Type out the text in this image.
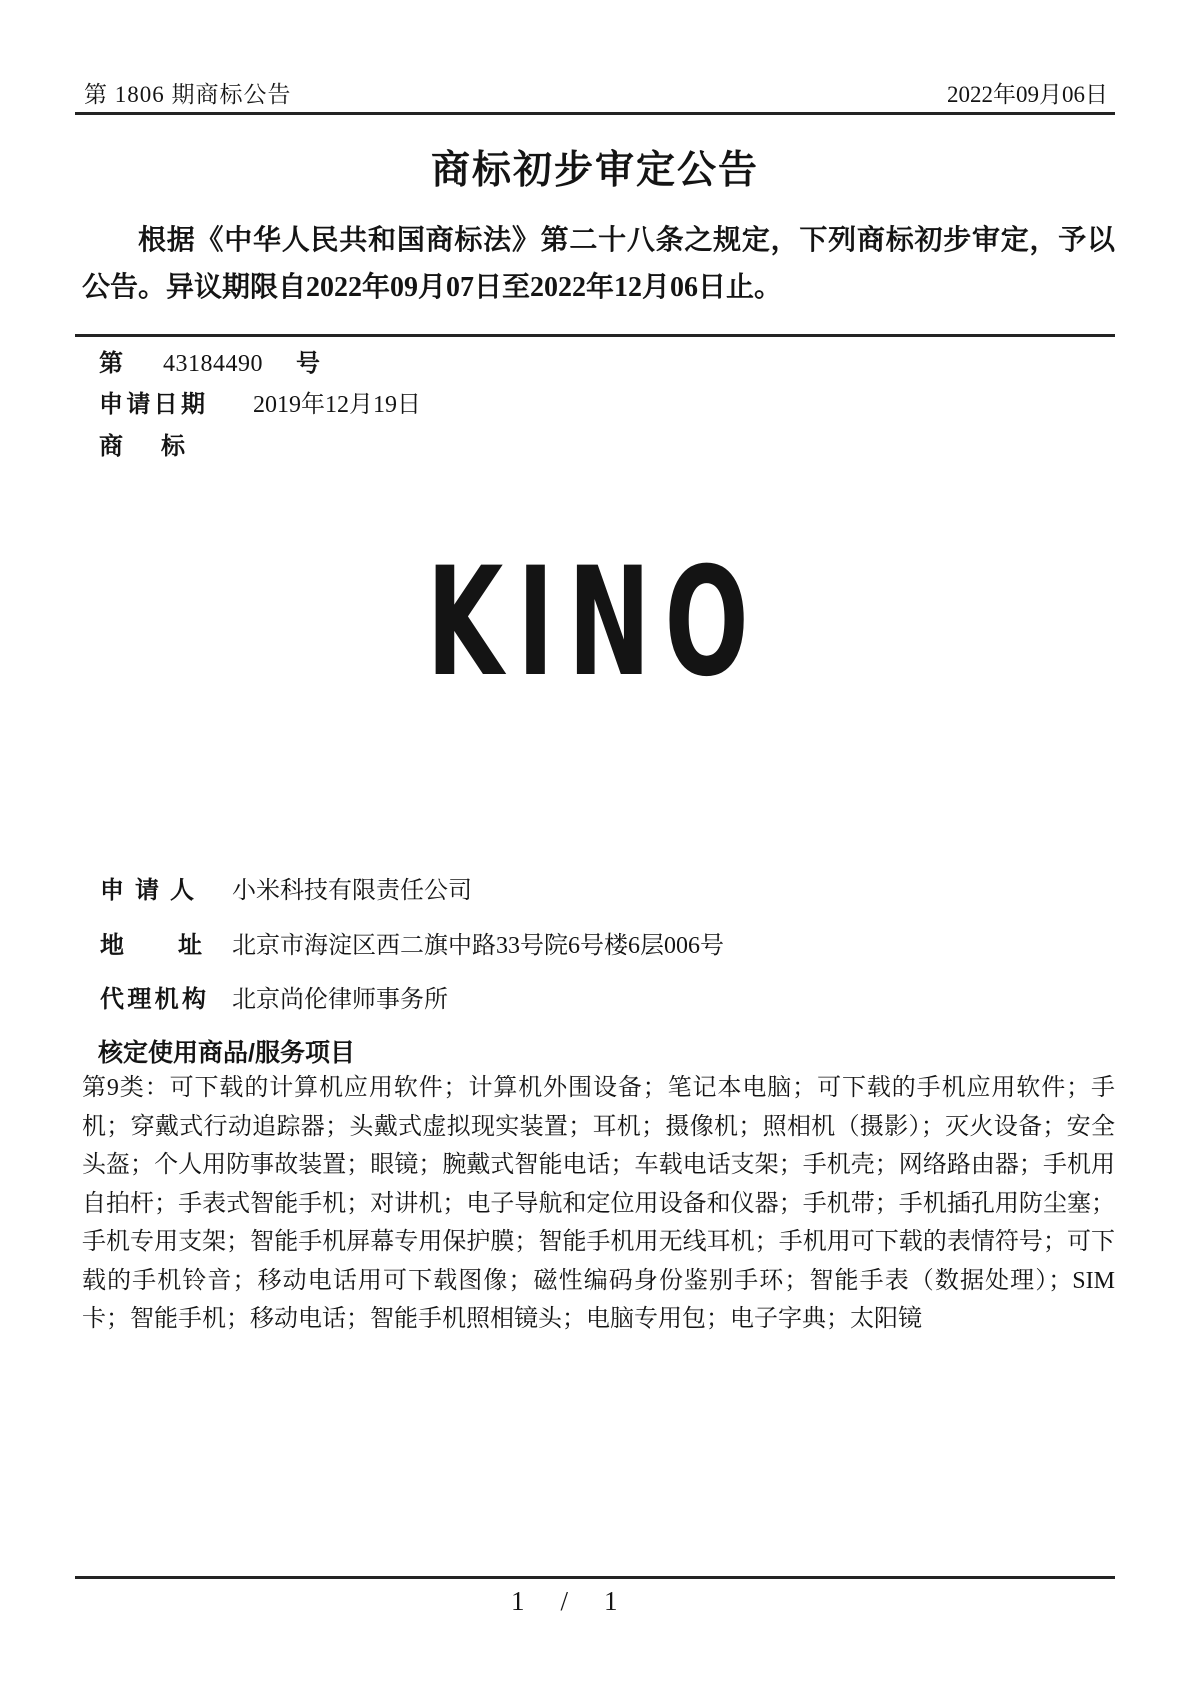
第 1806 期商标公告	2022年09月06日
商标初步审定公告
根据《中华人民共和国商标法》第二十八条之规定，下列商标初步审定，予以公告。异议期限自2022年09月07日至2022年12月06日止。
第 43184490 号
申请日期 2019年12月19日
商标
KINO
申请人 小米科技有限责任公司
地址 北京市海淀区西二旗中路33号院6号楼6层006号
代理机构 北京尚伦律师事务所
核定使用商品/服务项目
第9类：可下载的计算机应用软件；计算机外围设备；笔记本电脑；可下载的手机应用软件；手机；穿戴式行动追踪器；头戴式虚拟现实装置；耳机；摄像机；照相机（摄影）；灭火设备；安全头盔；个人用防事故装置；眼镜；腕戴式智能电话；车载电话支架；手机壳；网络路由器；手机用自拍杆；手表式智能手机；对讲机；电子导航和定位用设备和仪器；手机带；手机插孔用防尘塞；手机专用支架；智能手机屏幕专用保护膜；智能手机用无线耳机；手机用可下载的表情符号；可下载的手机铃音；移动电话用可下载图像；磁性编码身份鉴别手环；智能手表（数据处理）；SIM卡；智能手机；移动电话；智能手机照相镜头；电脑专用包；电子字典；太阳镜
1 / 1
